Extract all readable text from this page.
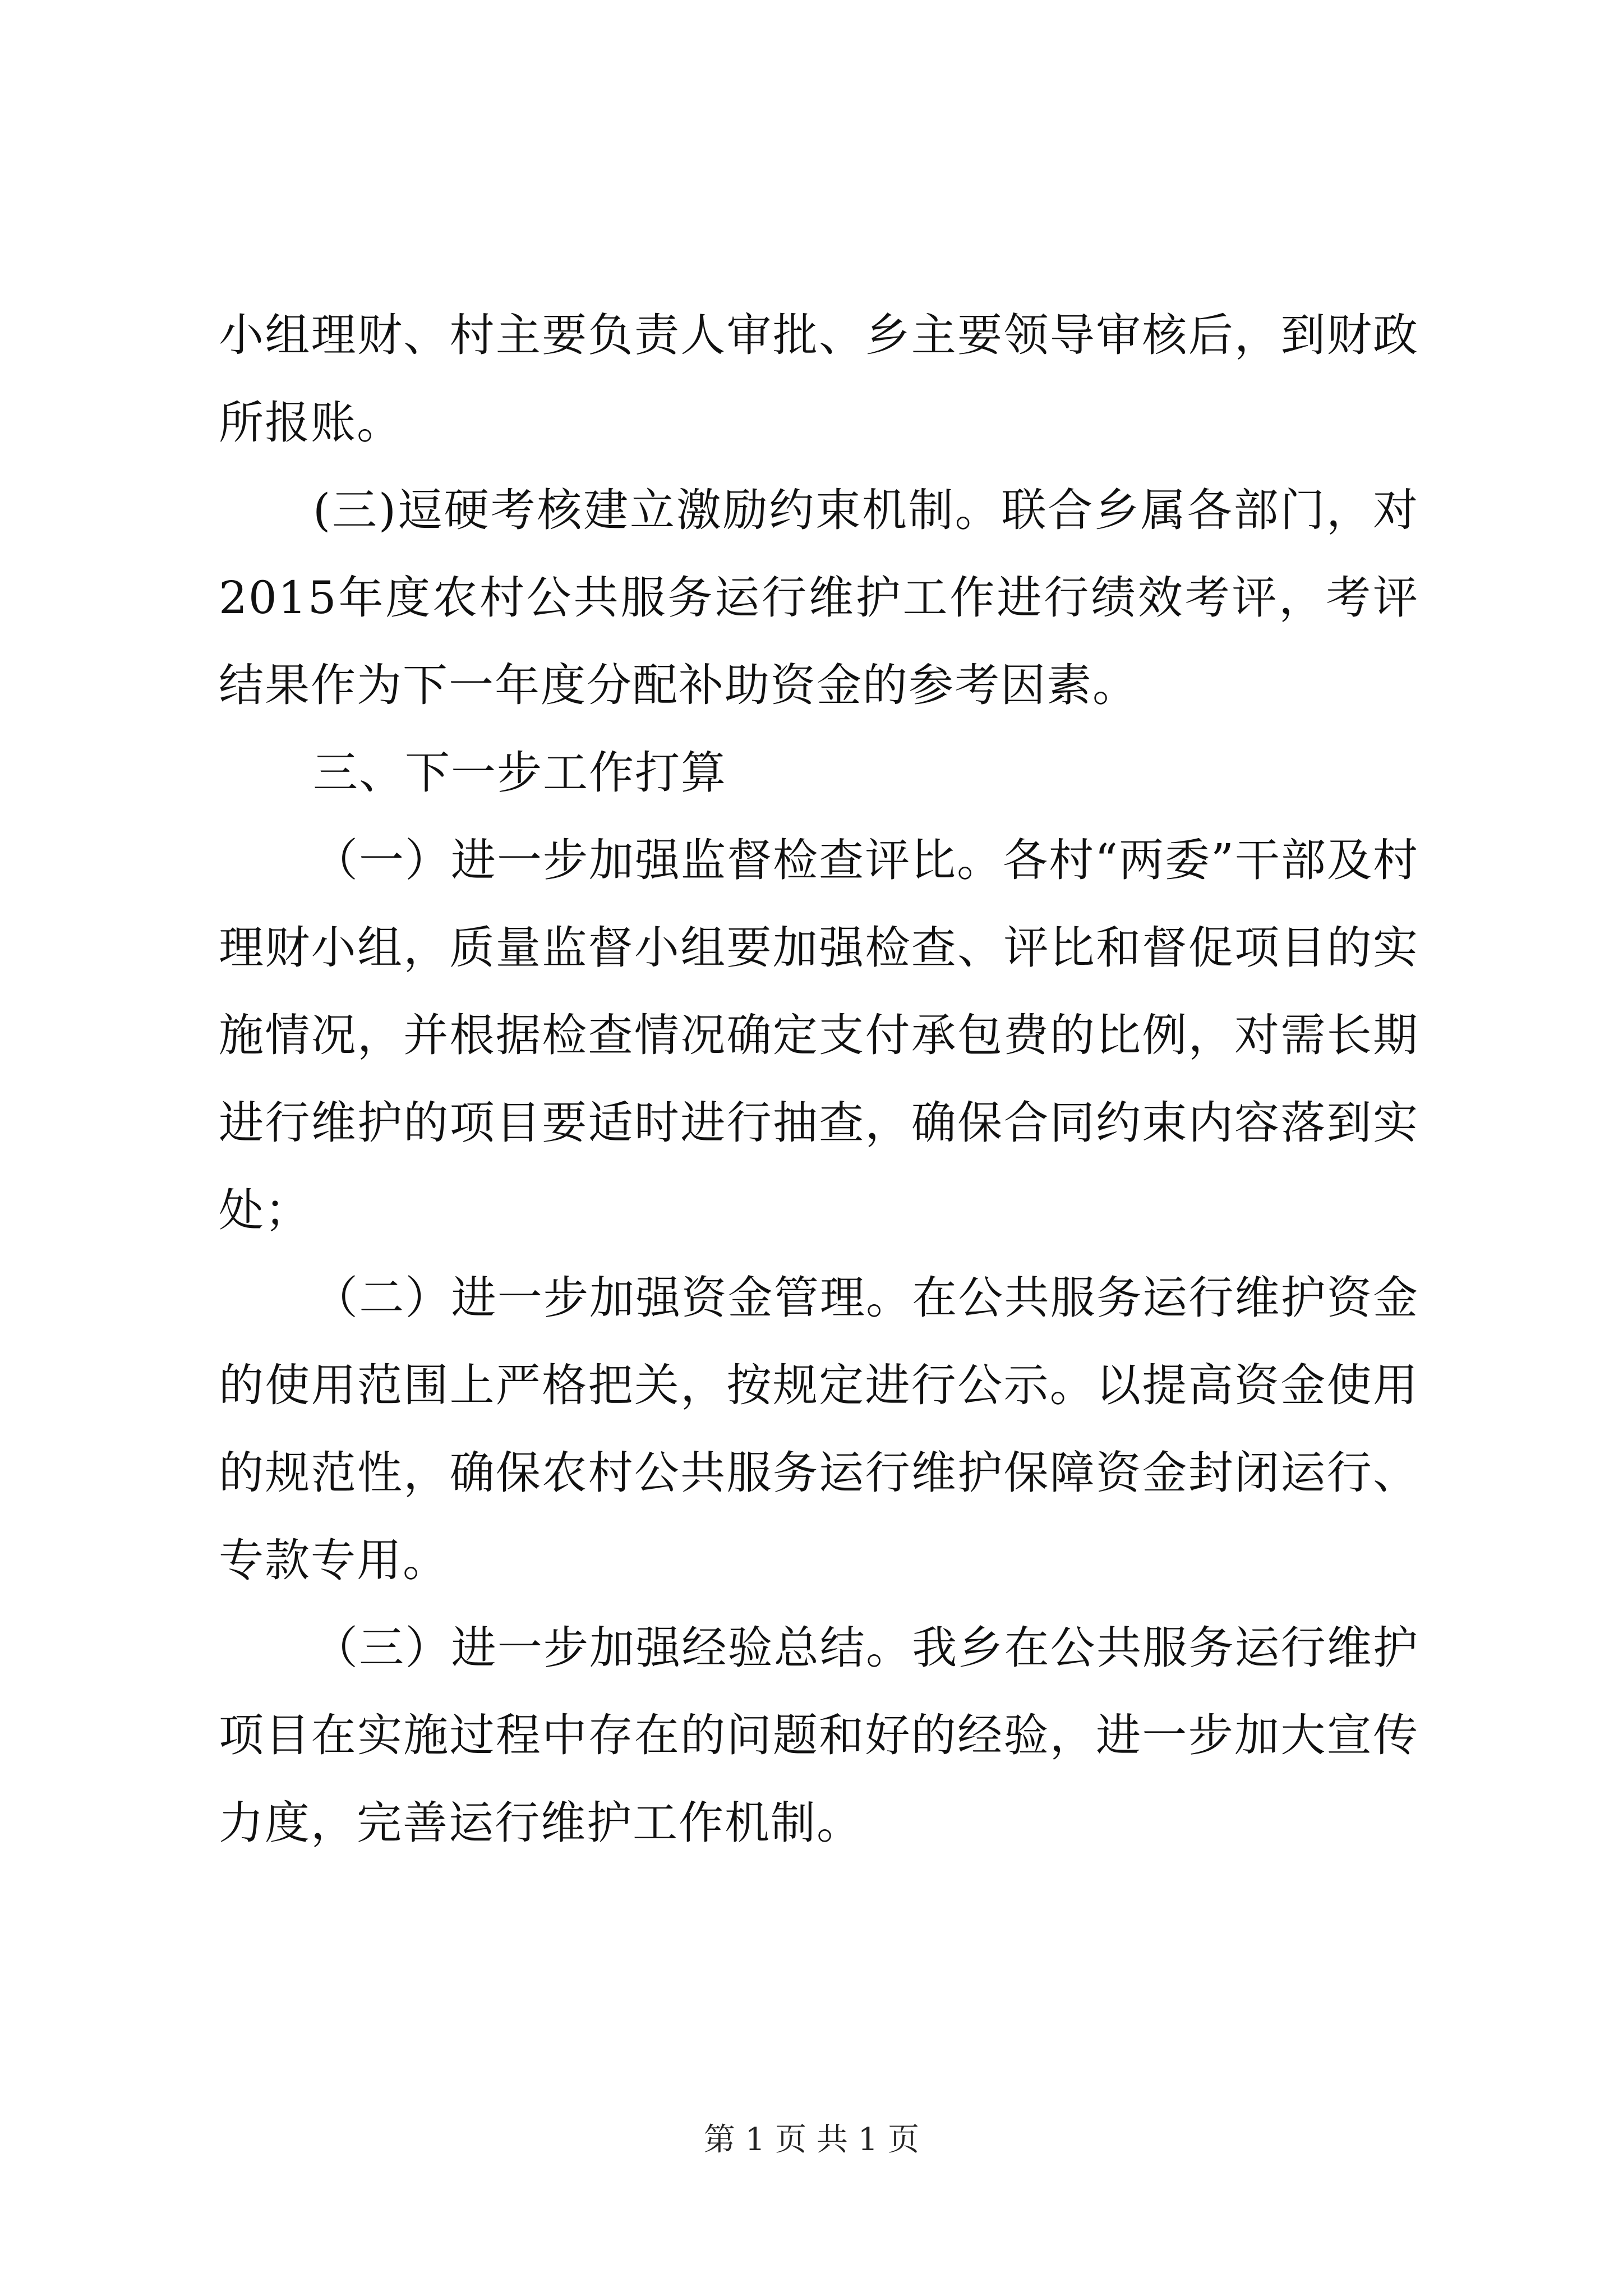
小组理财、村主要负责人审批、乡主要领导审核后，到财政所报账。

(三)逗硬考核建立激励约束机制。联合乡属各部门，对2015年度农村公共服务运行维护工作进行绩效考评，考评结果作为下一年度分配补助资金的参考因素。

三、下一步工作打算

（一）进一步加强监督检查评比。各村“两委”干部及村理财小组，质量监督小组要加强检查、评比和督促项目的实施情况，并根据检查情况确定支付承包费的比例，对需长期进行维护的项目要适时进行抽查，确保合同约束内容落到实处；

（二）进一步加强资金管理。在公共服务运行维护资金的使用范围上严格把关，按规定进行公示。以提高资金使用的规范性，确保农村公共服务运行维护保障资金封闭运行、专款专用。

（三）进一步加强经验总结。我乡在公共服务运行维护项目在实施过程中存在的问题和好的经验，进一步加大宣传力度，完善运行维护工作机制。

第 1 页 共 1 页
